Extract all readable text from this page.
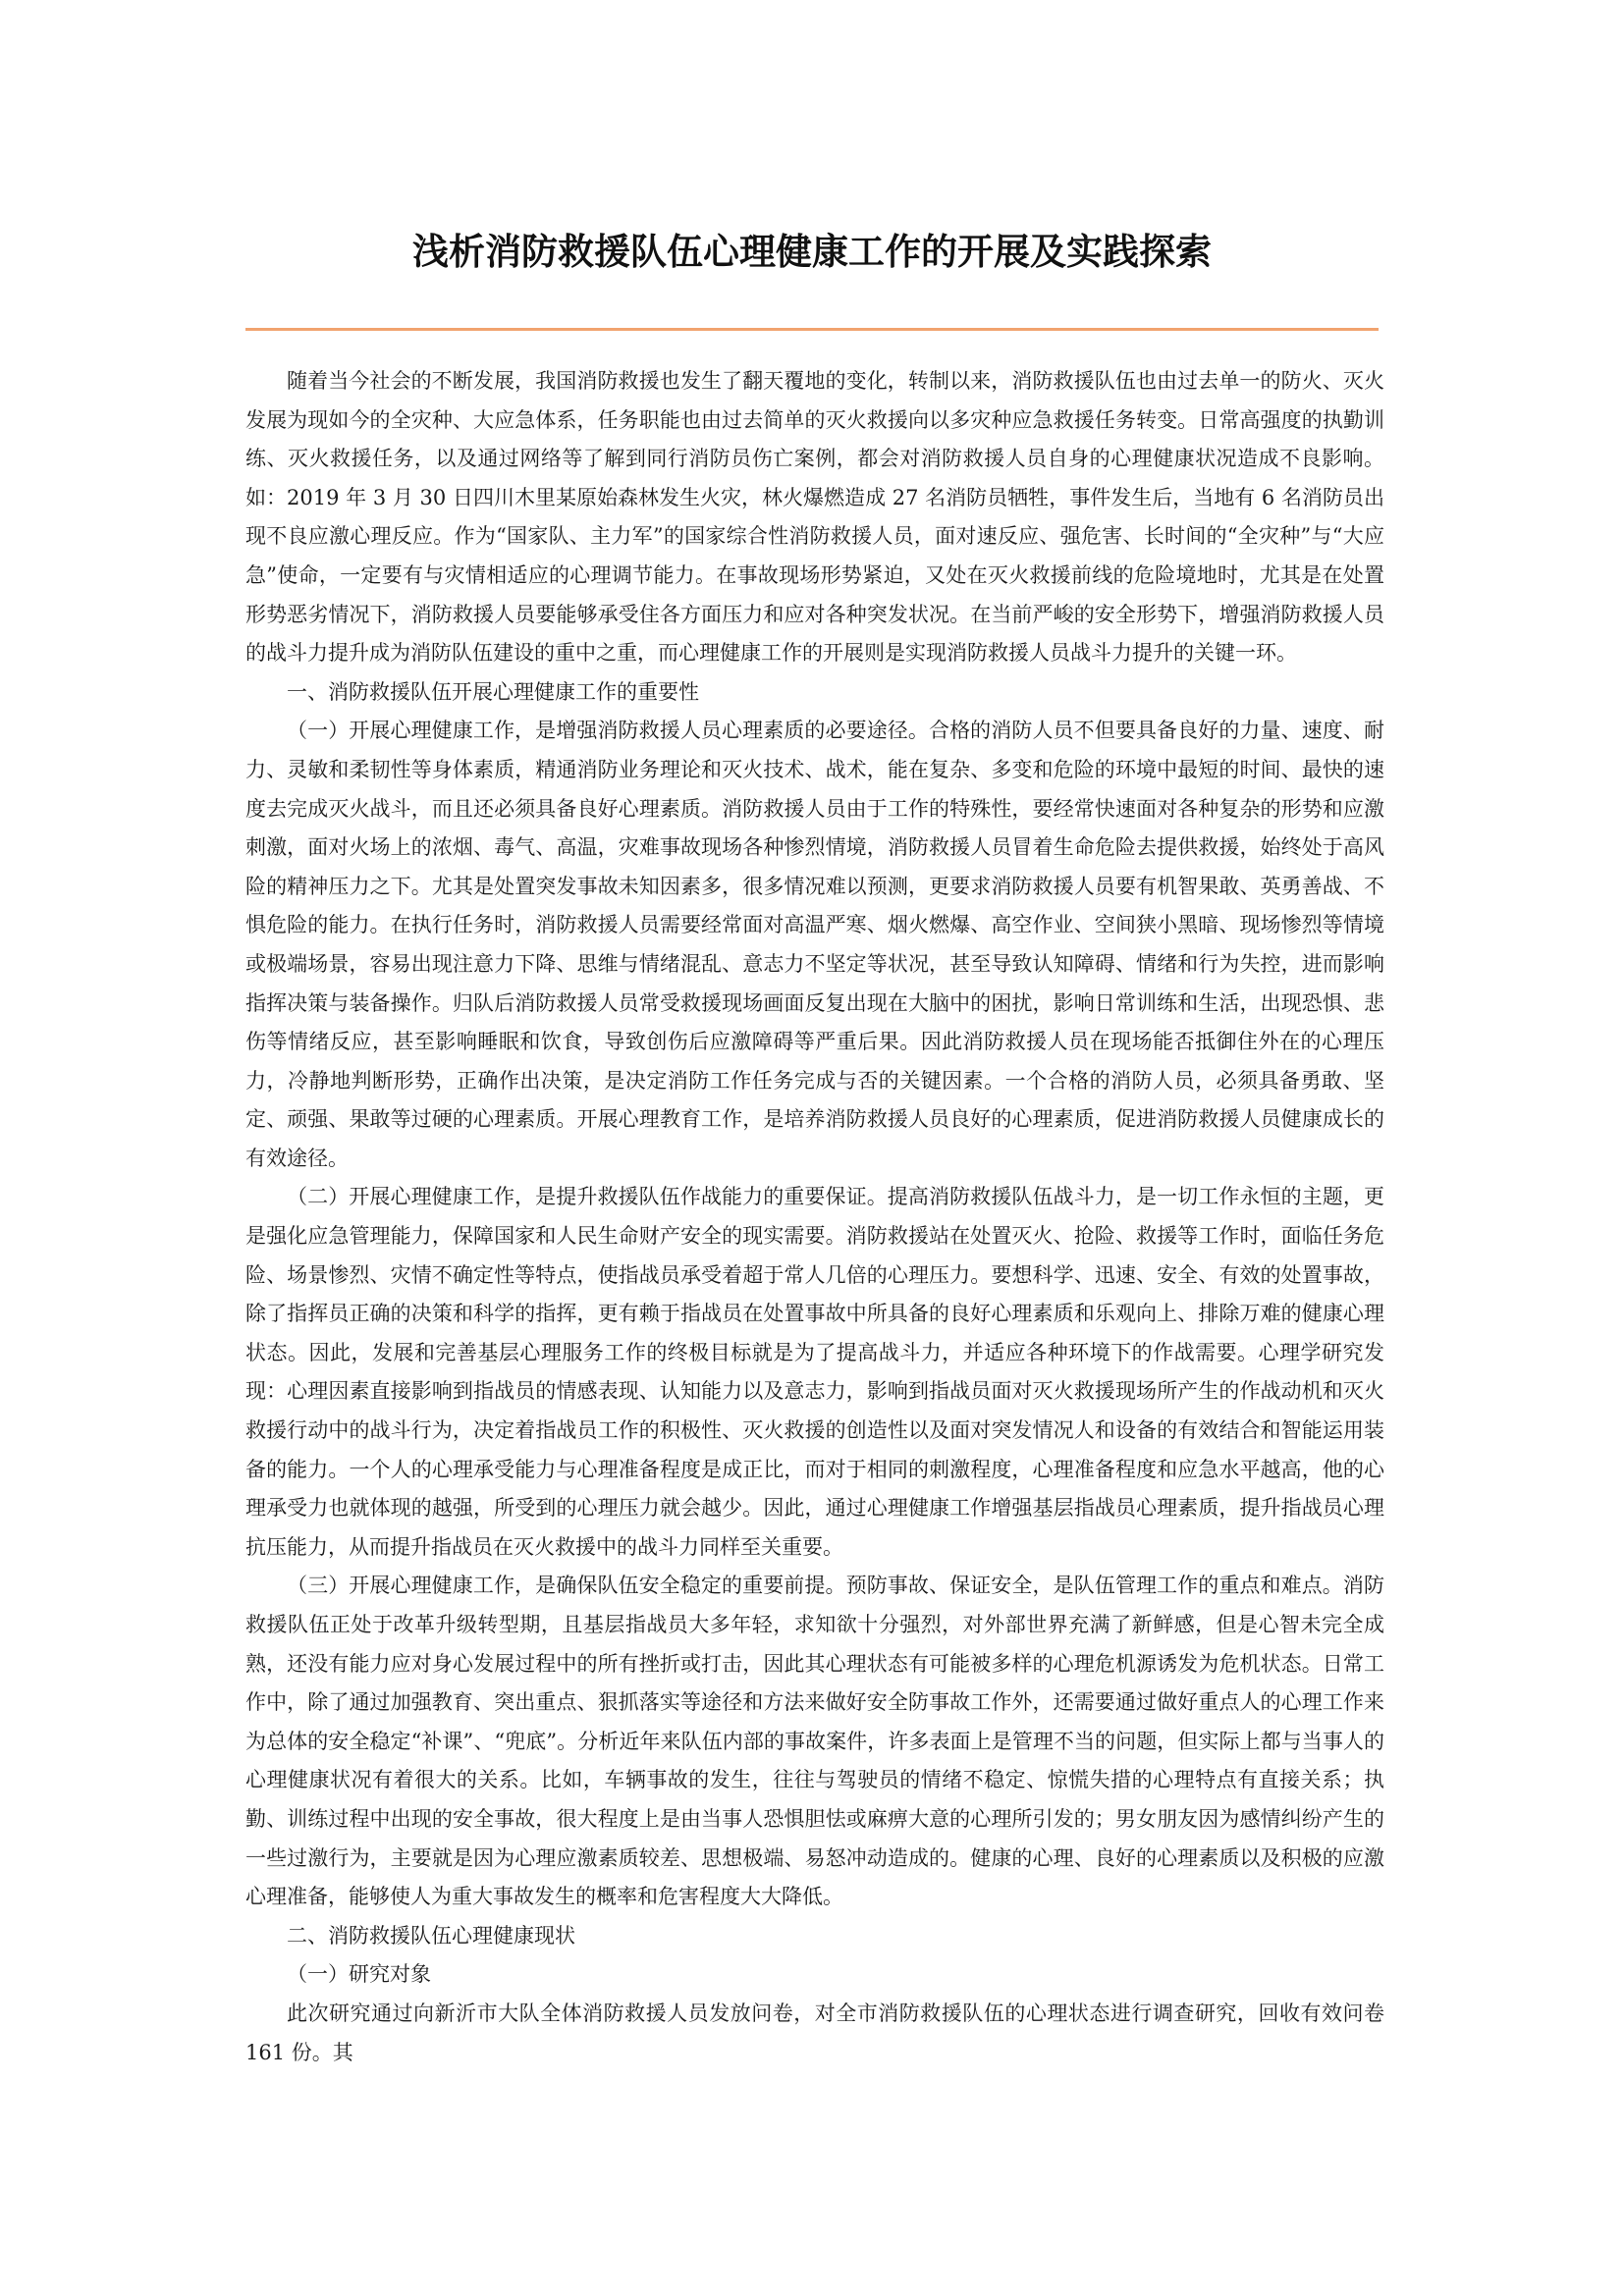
浅析消防救援队伍心理健康工作的开展及实践探索

随着当今社会的不断发展，我国消防救援也发生了翻天覆地的变化，转制以来，消防救援队伍也由过去单一的防火、灭火发展为现如今的全灾种、大应急体系，任务职能也由过去简单的灭火救援向以多灾种应急救援任务转变。日常高强度的执勤训练、灭火救援任务，以及通过网络等了解到同行消防员伤亡案例，都会对消防救援人员自身的心理健康状况造成不良影响。如：2019 年 3 月 30 日四川木里某原始森林发生火灾，林火爆燃造成 27 名消防员牺牲，事件发生后，当地有 6 名消防员出现不良应激心理反应。作为“国家队、主力军”的国家综合性消防救援人员，面对速反应、强危害、长时间的“全灾种”与“大应急”使命，一定要有与灾情相适应的心理调节能力。在事故现场形势紧迫，又处在灭火救援前线的危险境地时，尤其是在处置形势恶劣情况下，消防救援人员要能够承受住各方面压力和应对各种突发状况。在当前严峻的安全形势下，增强消防救援人员的战斗力提升成为消防队伍建设的重中之重，而心理健康工作的开展则是实现消防救援人员战斗力提升的关键一环。

一、消防救援队伍开展心理健康工作的重要性

（一）开展心理健康工作，是增强消防救援人员心理素质的必要途径。合格的消防人员不但要具备良好的力量、速度、耐力、灵敏和柔韧性等身体素质，精通消防业务理论和灭火技术、战术，能在复杂、多变和危险的环境中最短的时间、最快的速度去完成灭火战斗，而且还必须具备良好心理素质。消防救援人员由于工作的特殊性，要经常快速面对各种复杂的形势和应激刺激，面对火场上的浓烟、毒气、高温，灾难事故现场各种惨烈情境，消防救援人员冒着生命危险去提供救援，始终处于高风险的精神压力之下。尤其是处置突发事故未知因素多，很多情况难以预测，更要求消防救援人员要有机智果敢、英勇善战、不惧危险的能力。在执行任务时，消防救援人员需要经常面对高温严寒、烟火燃爆、高空作业、空间狭小黑暗、现场惨烈等情境或极端场景，容易出现注意力下降、思维与情绪混乱、意志力不坚定等状况，甚至导致认知障碍、情绪和行为失控，进而影响指挥决策与装备操作。归队后消防救援人员常受救援现场画面反复出现在大脑中的困扰，影响日常训练和生活，出现恐惧、悲伤等情绪反应，甚至影响睡眠和饮食，导致创伤后应激障碍等严重后果。因此消防救援人员在现场能否抵御住外在的心理压力，冷静地判断形势，正确作出决策，是决定消防工作任务完成与否的关键因素。一个合格的消防人员，必须具备勇敢、坚定、顽强、果敢等过硬的心理素质。开展心理教育工作，是培养消防救援人员良好的心理素质，促进消防救援人员健康成长的有效途径。

（二）开展心理健康工作，是提升救援队伍作战能力的重要保证。提高消防救援队伍战斗力，是一切工作永恒的主题，更是强化应急管理能力，保障国家和人民生命财产安全的现实需要。消防救援站在处置灭火、抢险、救援等工作时，面临任务危险、场景惨烈、灾情不确定性等特点，使指战员承受着超于常人几倍的心理压力。要想科学、迅速、安全、有效的处置事故，除了指挥员正确的决策和科学的指挥，更有赖于指战员在处置事故中所具备的良好心理素质和乐观向上、排除万难的健康心理状态。因此，发展和完善基层心理服务工作的终极目标就是为了提高战斗力，并适应各种环境下的作战需要。心理学研究发现：心理因素直接影响到指战员的情感表现、认知能力以及意志力，影响到指战员面对灭火救援现场所产生的作战动机和灭火救援行动中的战斗行为，决定着指战员工作的积极性、灭火救援的创造性以及面对突发情况人和设备的有效结合和智能运用装备的能力。一个人的心理承受能力与心理准备程度是成正比，而对于相同的刺激程度，心理准备程度和应急水平越高，他的心理承受力也就体现的越强，所受到的心理压力就会越少。因此，通过心理健康工作增强基层指战员心理素质，提升指战员心理抗压能力，从而提升指战员在灭火救援中的战斗力同样至关重要。

（三）开展心理健康工作，是确保队伍安全稳定的重要前提。预防事故、保证安全，是队伍管理工作的重点和难点。消防救援队伍正处于改革升级转型期，且基层指战员大多年轻，求知欲十分强烈，对外部世界充满了新鲜感，但是心智未完全成熟，还没有能力应对身心发展过程中的所有挫折或打击，因此其心理状态有可能被多样的心理危机源诱发为危机状态。日常工作中，除了通过加强教育、突出重点、狠抓落实等途径和方法来做好安全防事故工作外，还需要通过做好重点人的心理工作来为总体的安全稳定“补课”、“兜底”。分析近年来队伍内部的事故案件，许多表面上是管理不当的问题，但实际上都与当事人的心理健康状况有着很大的关系。比如，车辆事故的发生，往往与驾驶员的情绪不稳定、惊慌失措的心理特点有直接关系；执勤、训练过程中出现的安全事故，很大程度上是由当事人恐惧胆怯或麻痹大意的心理所引发的；男女朋友因为感情纠纷产生的一些过激行为，主要就是因为心理应激素质较差、思想极端、易怒冲动造成的。健康的心理、良好的心理素质以及积极的应激心理准备，能够使人为重大事故发生的概率和危害程度大大降低。

二、消防救援队伍心理健康现状

（一）研究对象

此次研究通过向新沂市大队全体消防救援人员发放问卷，对全市消防救援队伍的心理状态进行调查研究，回收有效问卷 161 份。其
